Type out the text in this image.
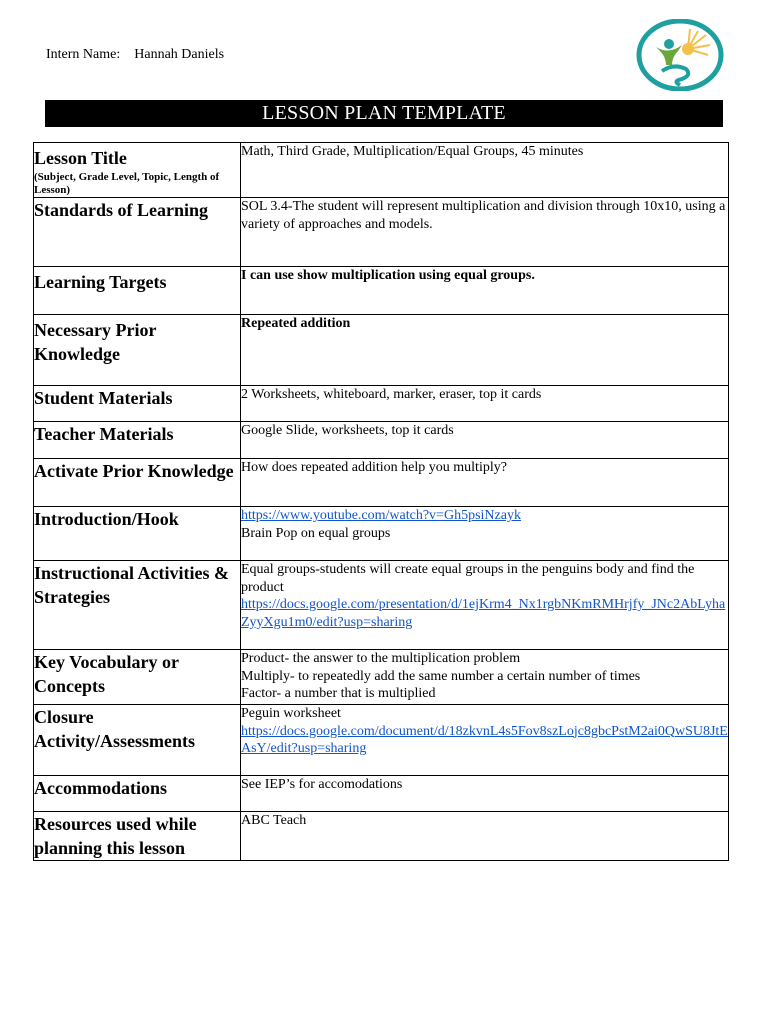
Intern Name: Hannah Daniels
LESSON PLAN TEMPLATE
Lesson Title
(Subject, Grade Level, Topic, Length of Lesson)	Math, Third Grade, Multiplication/Equal Groups, 45 minutes
Standards of Learning	SOL 3.4-The student will represent multiplication and division through 10x10, using a variety of approaches and models.
Learning Targets	I can use show multiplication using equal groups.
Necessary Prior Knowledge	Repeated addition
Student Materials	2 Worksheets, whiteboard, marker, eraser, top it cards
Teacher Materials	Google Slide, worksheets, top it cards
Activate Prior Knowledge	How does repeated addition help you multiply?
Introduction/Hook	https://www.youtube.com/watch?v=Gh5psiNzayk
Brain Pop on equal groups
Instructional Activities & Strategies	Equal groups-students will create equal groups in the penguins body and find the product
https://docs.google.com/presentation/d/1ejKrm4_Nx1rgbNKmRMHrjfy_JNc2AbLyhaZyyXgu1m0/edit?usp=sharing
Key Vocabulary or Concepts	Product- the answer to the multiplication problem
Multiply- to repeatedly add the same number a certain number of times
Factor- a number that is multiplied

Closure Activity/Assessments	Peguin worksheet
https://docs.google.com/document/d/18zkvnL4s5Fov8szLojc8gbcPstM2ai0QwSU8JtEAsY/edit?usp=sharing
Accommodations	See IEP’s for accomodations
Resources used while planning this lesson	ABC Teach
